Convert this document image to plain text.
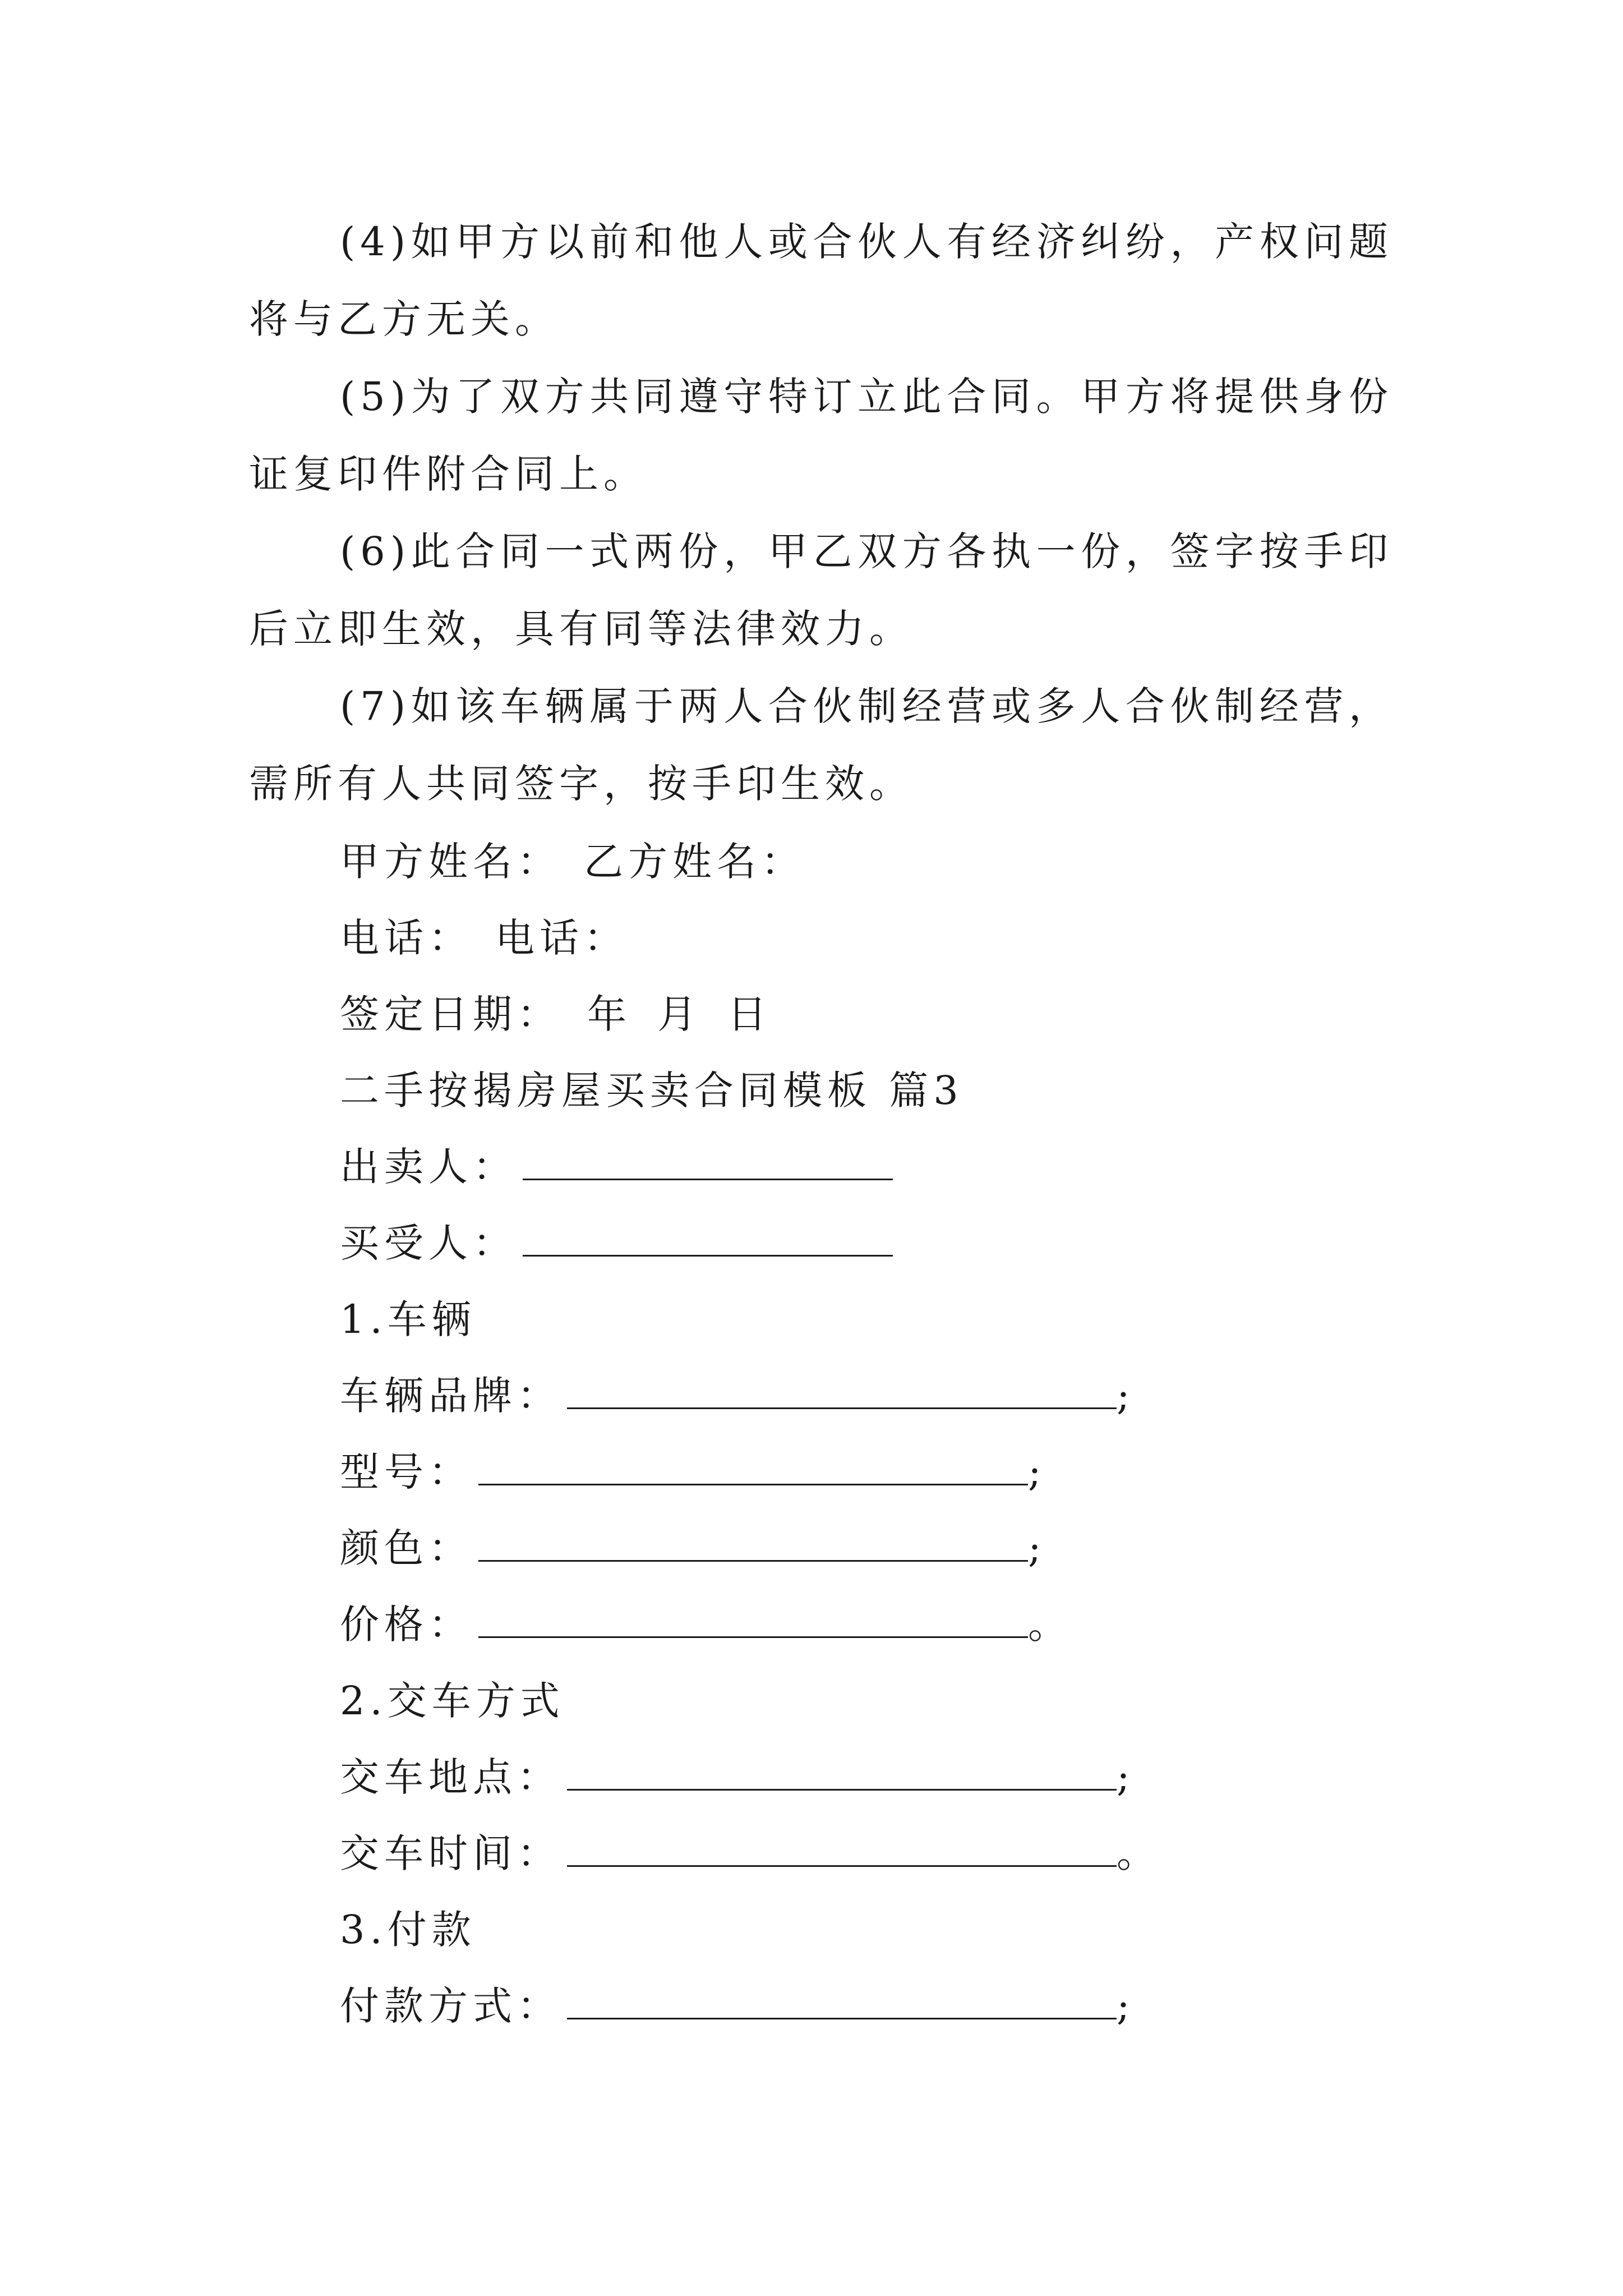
(4)如甲方以前和他人或合伙人有经济纠纷，产权问题将与乙方无关。

(5)为了双方共同遵守特订立此合同。甲方将提供身份证复印件附合同上。

(6)此合同一式两份，甲乙双方各执一份，签字按手印后立即生效，具有同等法律效力。

(7)如该车辆属于两人合伙制经营或多人合伙制经营，需所有人共同签字，按手印生效。

甲方姓名： 乙方姓名：

电话： 电话：

签定日期： 年 月 日

二手按揭房屋买卖合同模板 篇3

出卖人：

买受人：

1.车辆

车辆品牌：	;

型号：	;

颜色：	;

价格：	。

2.交车方式

交车地点：	;

交车时间：	。

3.付款

付款方式：	;
